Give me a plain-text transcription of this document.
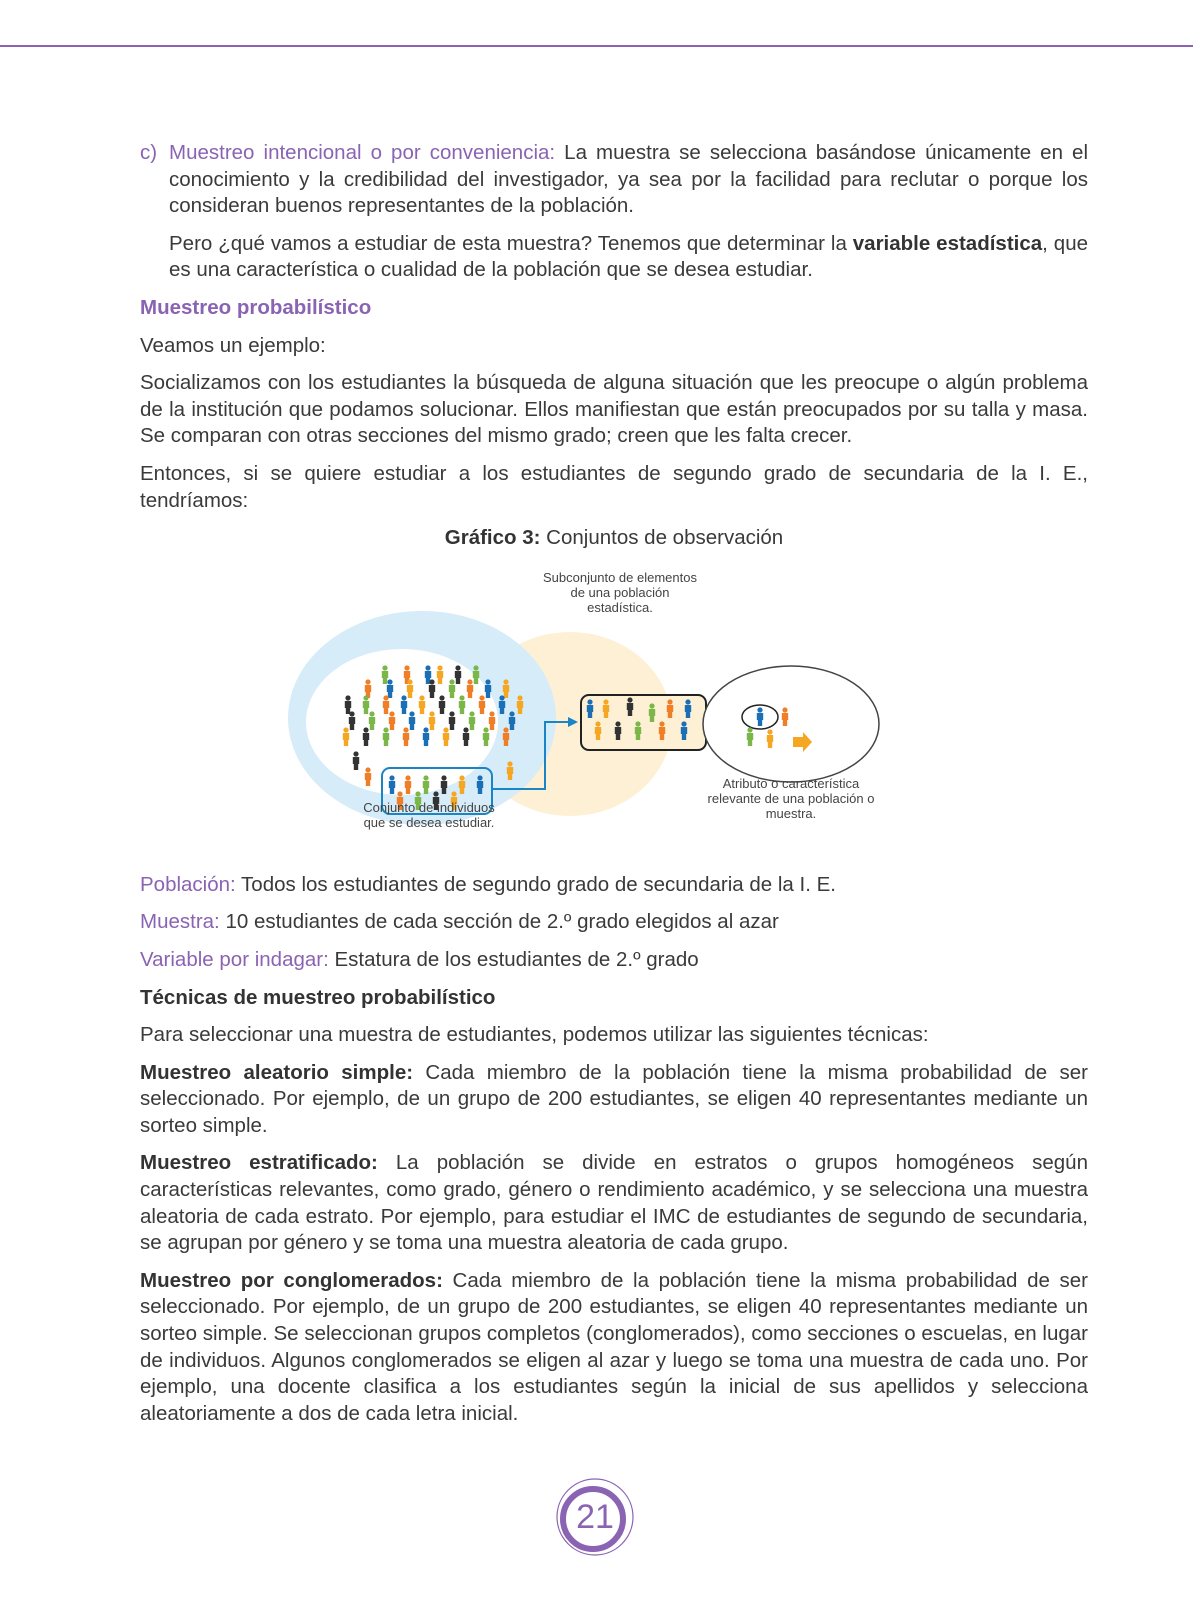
c) Muestreo intencional o por conveniencia: La muestra se selecciona basándose únicamente en el conocimiento y la credibilidad del investigador, ya sea por la facilidad para reclutar o porque los consideran buenos representantes de la población.

Pero ¿qué vamos a estudiar de esta muestra? Tenemos que determinar la variable estadística, que es una característica o cualidad de la población que se desea estudiar.

Muestreo probabilístico

Veamos un ejemplo:

Socializamos con los estudiantes la búsqueda de alguna situación que les preocupe o algún problema de la institución que podamos solucionar. Ellos manifiestan que están preocupados por su talla y masa. Se comparan con otras secciones del mismo grado; creen que les falta crecer.

Entonces, si se quiere estudiar a los estudiantes de segundo grado de secundaria de la I. E., tendríamos:

Gráfico 3: Conjuntos de observación
Subconjunto de elementos de una población estadística.
Conjunto de individuos que se desea estudiar.
Atributo o característica relevante de una población o muestra.

Población: Todos los estudiantes de segundo grado de secundaria de la I. E.

Muestra: 10 estudiantes de cada sección de 2.º grado elegidos al azar

Variable por indagar: Estatura de los estudiantes de 2.º grado

Técnicas de muestreo probabilístico

Para seleccionar una muestra de estudiantes, podemos utilizar las siguientes técnicas:

Muestreo aleatorio simple: Cada miembro de la población tiene la misma probabilidad de ser seleccionado. Por ejemplo, de un grupo de 200 estudiantes, se eligen 40 representantes mediante un sorteo simple.

Muestreo estratificado: La población se divide en estratos o grupos homogéneos según características relevantes, como grado, género o rendimiento académico, y se selecciona una muestra aleatoria de cada estrato. Por ejemplo, para estudiar el IMC de estudiantes de segundo de secundaria, se agrupan por género y se toma una muestra aleatoria de cada grupo.

Muestreo por conglomerados: Cada miembro de la población tiene la misma probabilidad de ser seleccionado. Por ejemplo, de un grupo de 200 estudiantes, se eligen 40 representantes mediante un sorteo simple. Se seleccionan grupos completos (conglomerados), como secciones o escuelas, en lugar de individuos. Algunos conglomerados se eligen al azar y luego se toma una muestra de cada uno. Por ejemplo, una docente clasifica a los estudiantes según la inicial de sus apellidos y selecciona aleatoriamente a dos de cada letra inicial.

21
